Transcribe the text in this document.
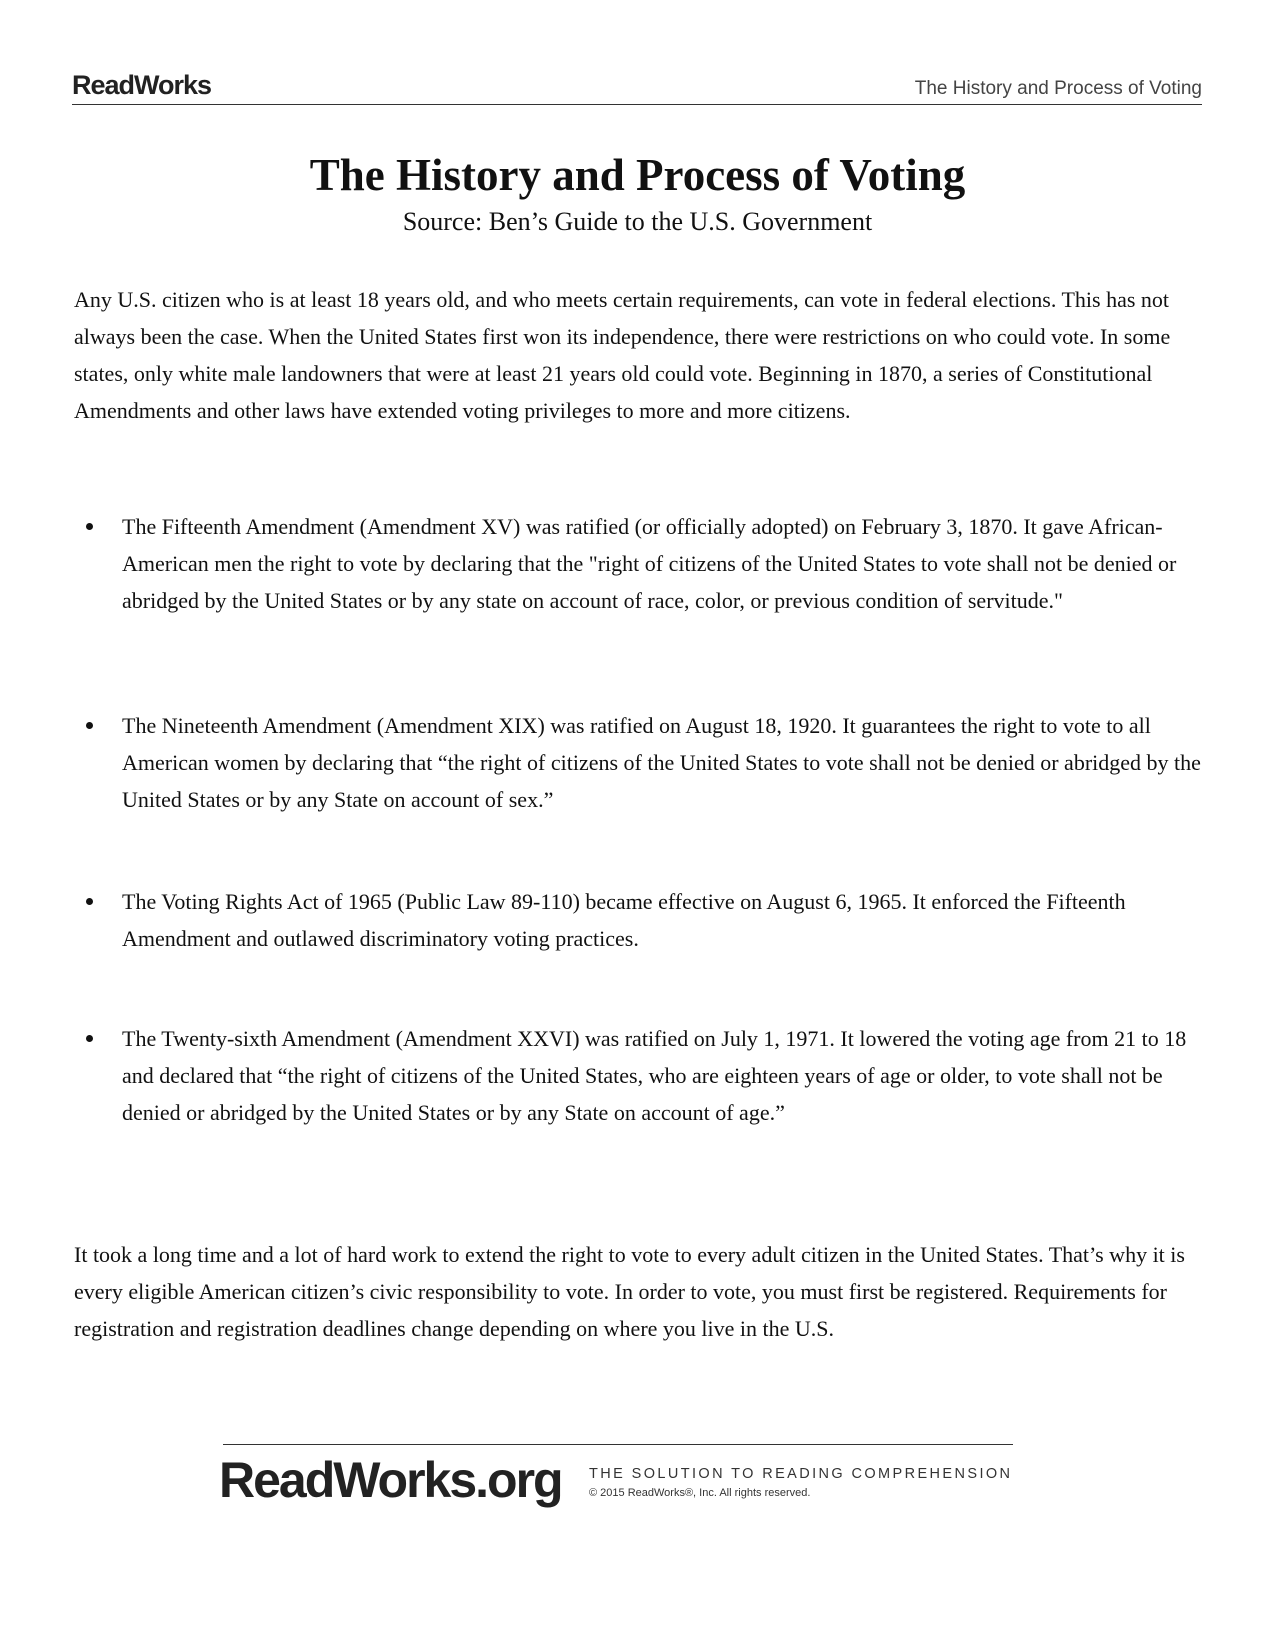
ReadWorks	The History and Process of Voting
The History and Process of Voting
Source: Ben’s Guide to the U.S. Government

Any U.S. citizen who is at least 18 years old, and who meets certain requirements, can vote in federal elections. This has not always been the case. When the United States first won its independence, there were restrictions on who could vote. In some states, only white male landowners that were at least 21 years old could vote. Beginning in 1870, a series of Constitutional Amendments and other laws have extended voting privileges to more and more citizens.

The Fifteenth Amendment (Amendment XV) was ratified (or officially adopted) on February 3, 1870. It gave African-American men the right to vote by declaring that the "right of citizens of the United States to vote shall not be denied or abridged by the United States or by any state on account of race, color, or previous condition of servitude."
The Nineteenth Amendment (Amendment XIX) was ratified on August 18, 1920. It guarantees the right to vote to all American women by declaring that “the right of citizens of the United States to vote shall not be denied or abridged by the United States or by any State on account of sex.”
The Voting Rights Act of 1965 (Public Law 89-110) became effective on August 6, 1965. It enforced the Fifteenth Amendment and outlawed discriminatory voting practices.
The Twenty-sixth Amendment (Amendment XXVI) was ratified on July 1, 1971. It lowered the voting age from 21 to 18 and declared that “the right of citizens of the United States, who are eighteen years of age or older, to vote shall not be denied or abridged by the United States or by any State on account of age.”

It took a long time and a lot of hard work to extend the right to vote to every adult citizen in the United States. That’s why it is every eligible American citizen’s civic responsibility to vote. In order to vote, you must first be registered. Requirements for registration and registration deadlines change depending on where you live in the U.S.

ReadWorks.org THE SOLUTION TO READING COMPREHENSION
© 2015 ReadWorks®, Inc. All rights reserved.
